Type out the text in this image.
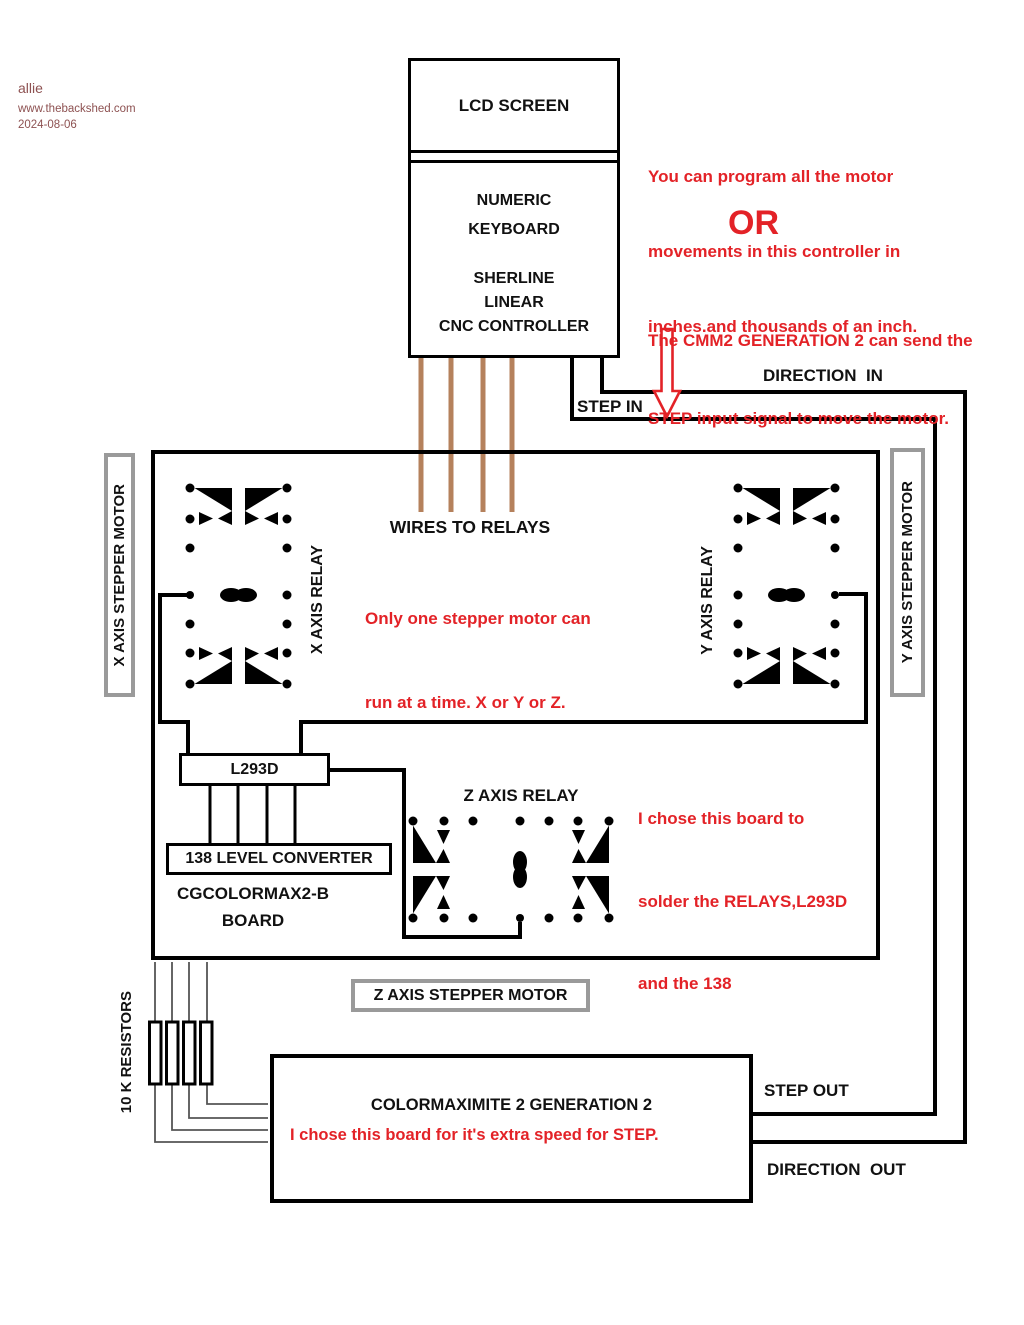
allie
www.thebackshed.com
2024-08-06
LCD SCREEN
NUMERIC
KEYBOARD
SHERLINE
LINEAR
CNC CONTROLLER

You can program all the motor

movements in this controller in

inches.and thousands of an inch.

OR

The CMM2 GENERATION 2 can send the

STEP input signal to move the motor.

DIRECTION  IN
STEP IN
STEP OUT
DIRECTION  OUT
X AXIS STEPPER MOTOR	Y AXIS STEPPER MOTOR
Z AXIS STEPPER MOTOR
X AXIS RELAY	Y AXIS RELAY
Z AXIS RELAY
WIRES TO RELAYS

Only one stepper motor can

run at a time. X or Y or Z.

L293D
138 LEVEL CONVERTER
CGCOLORMAX2-B
BOARD

I chose this board to

solder the RELAYS,L293D

and the 138

10 K RESISTORS	COLORMAXIMITE 2 GENERATION 2
I chose this board for it's extra speed for STEP.
